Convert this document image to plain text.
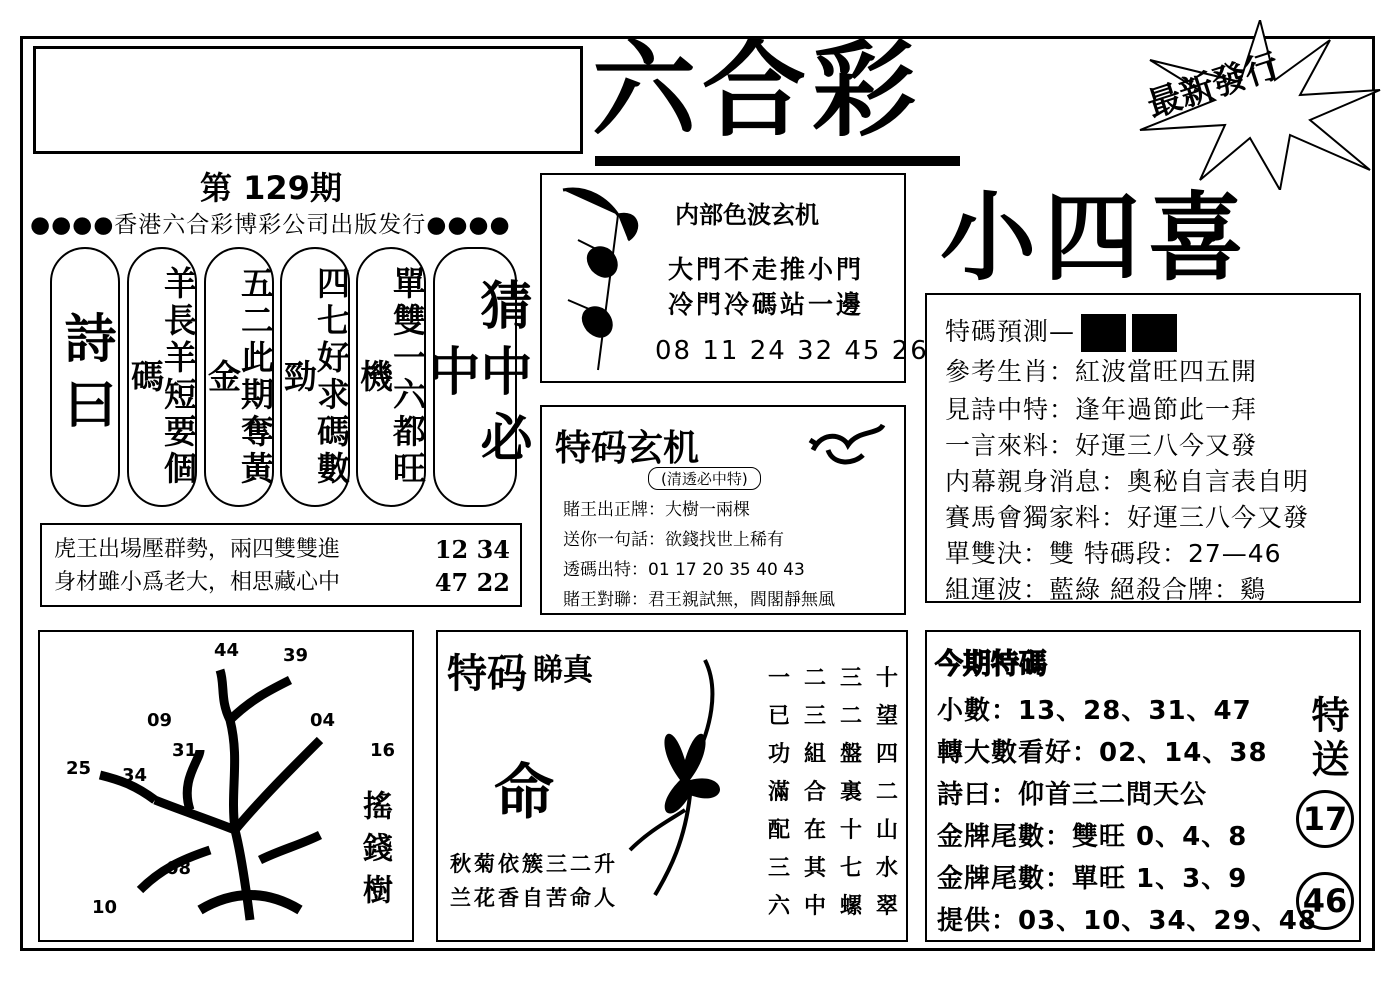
六合彩	最新發行
小四喜
第 129期
●●●●香港六合彩博彩公司出版发行●●●●
詩曰	羊長羊短要個碼	五二此期奪黃金	四七好求碼數勁	單雙一六都旺機	猜中必中
虎王出場壓群勢，兩四雙雙進	12 34
身材雖小爲老大，相思藏心中	47 22
内部色波玄机
大門不走推小門
冷門冷碼站一邊
08 11 24 32 45 26
特码玄机
(清透必中特)
賭王出正牌：大樹一兩棵
送你一句話：欲錢找世上稀有
透碼出特：01 17 20 35 40 43
賭王對聯：君王親試無，閻閣靜無風
特碼預測—
參考生肖：紅波當旺四五開
見詩中特：逢年過節此一拜
一言來料：好運三八今又發
内幕親身消息：奧秘自言表自明
賽馬會獨家料：好運三八今又發
單雙決：雙 特碼段：27—46
組運波：藍綠 絕殺合牌：鷄
44 39
09	04
31	16
25 34
08
10	搖錢樹
特码 睇真
命
秋菊依簇三二升
兰花香自苦命人
一 二 三 十
已 三 二 望
功 組 盤 四
滿 合 裏 二
配 在 十 山
三 其 七 水
六 中 螺 翠
今期特碼
小數：13、28、31、47
轉大數看好：02、14、38
詩曰：仰首三二問天公
金牌尾數：雙旺 0、4、8
金牌尾數：單旺 1、3、9
提供：03、10、34、29、48
特送
17
46
